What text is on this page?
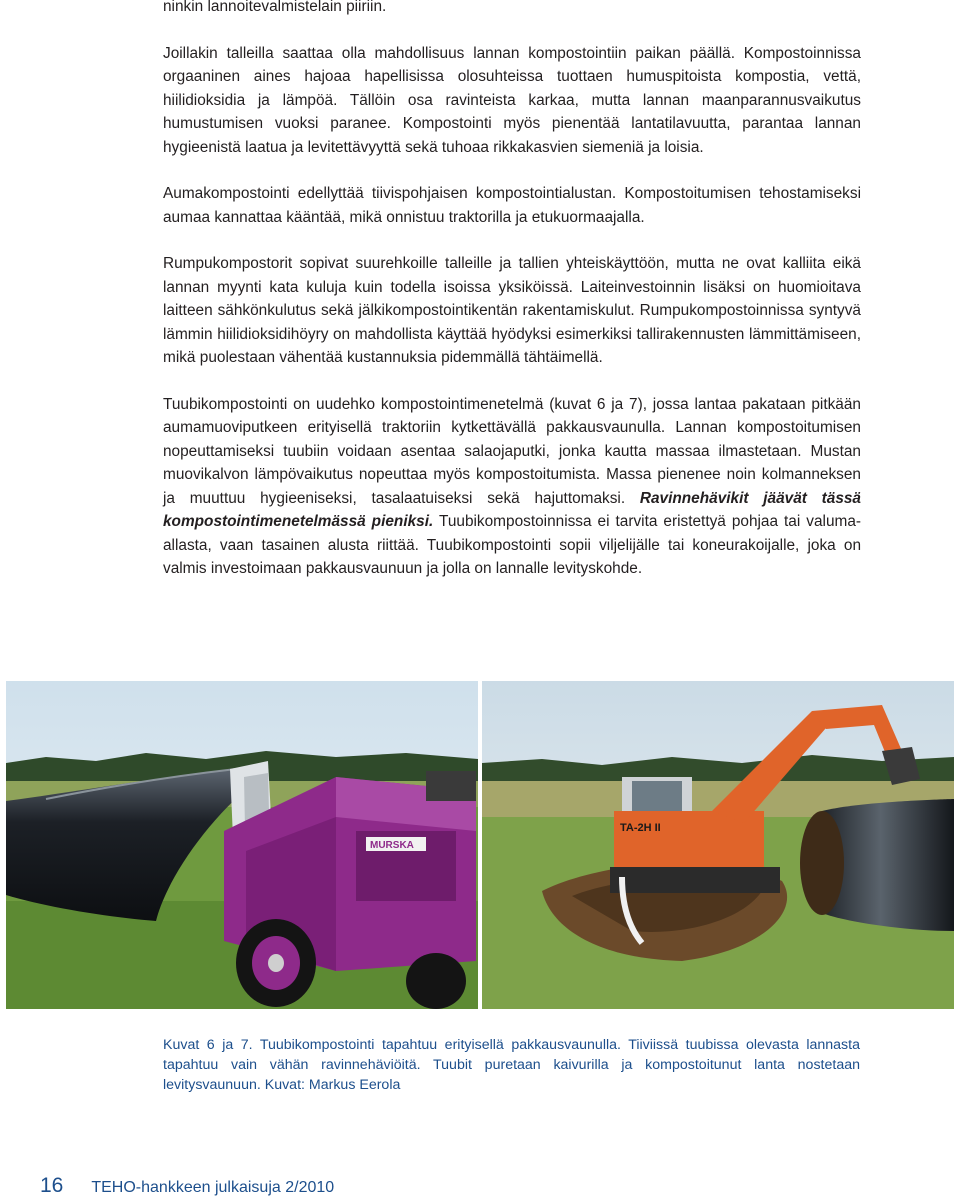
ninkin lannoitevalmistelain piiriin.

Joillakin talleilla saattaa olla mahdollisuus lannan kompostointiin paikan päällä. Kompostoinnissa orgaaninen aines hajoaa hapellisissa olosuhteissa tuottaen humuspitoista kompostia, vettä, hiilidioksidia ja lämpöä. Tällöin osa ravinteista karkaa, mutta lannan maanparannusvaikutus humustumisen vuoksi paranee. Kompostointi myös pienentää lantatilavuutta, parantaa lannan hygieenistä laatua ja levitettävyyttä sekä tuhoaa rikkakasvien siemeniä ja loisia.

Aumakompostointi edellyttää tiivispohjaisen kompostointialustan. Kompostoitumisen tehostamiseksi aumaa kannattaa kääntää, mikä onnistuu traktorilla ja etukuormaajalla.

Rumpukompostorit sopivat suurehkoille talleille ja tallien yhteiskäyttöön, mutta ne ovat kalliita eikä lannan myynti kata kuluja kuin todella isoissa yksiköissä. Laiteinvestoinnin lisäksi on huomioitava laitteen sähkönkulutus sekä jälkikompostointikentän rakentamiskulut. Rumpukompostoinnissa syntyvä lämmin hiilidioksidihöyry on mahdollista käyttää hyödyksi esimerkiksi tallirakennusten lämmittämiseen, mikä puolestaan vähentää kustannuksia pidemmällä tähtäimellä.

Tuubikompostointi on uudehko kompostointimenetelmä (kuvat 6 ja 7), jossa lantaa pakataan pitkään aumamuoviputkeen erityisellä traktoriin kytkettävällä pakkausvaunulla. Lannan kompostoitumisen nopeuttamiseksi tuubiin voidaan asentaa salaojaputki, jonka kautta massaa ilmastetaan. Mustan muovikalvon lämpövaikutus nopeuttaa myös kompostoitumista. Massa pienenee noin kolmanneksen ja muuttuu hygieeniseksi, tasalaatuiseksi sekä hajuttomaksi. Ravinnehävikit jäävät tässä kompostointimenetelmässä pieniksi. Tuubikompostoinnissa ei tarvita eristettyä pohjaa tai valuma-allasta, vaan tasainen alusta riittää. Tuubikompostointi sopii viljelijälle tai koneurakoijalle, joka on valmis investoimaan pakkausvaunuun ja jolla on lannalle levityskohde.

MURSKA
TA-2H II
Kuvat 6 ja 7. Tuubikompostointi tapahtuu erityisellä pakkausvaunulla. Tiiviissä tuubissa olevasta lannasta tapahtuu vain vähän ravinnehäviöitä. Tuubit puretaan kaivurilla ja kompostoitunut lanta nostetaan levitysvaunuun. Kuvat: Markus Eerola
16 TEHO-hankkeen julkaisuja 2/2010
